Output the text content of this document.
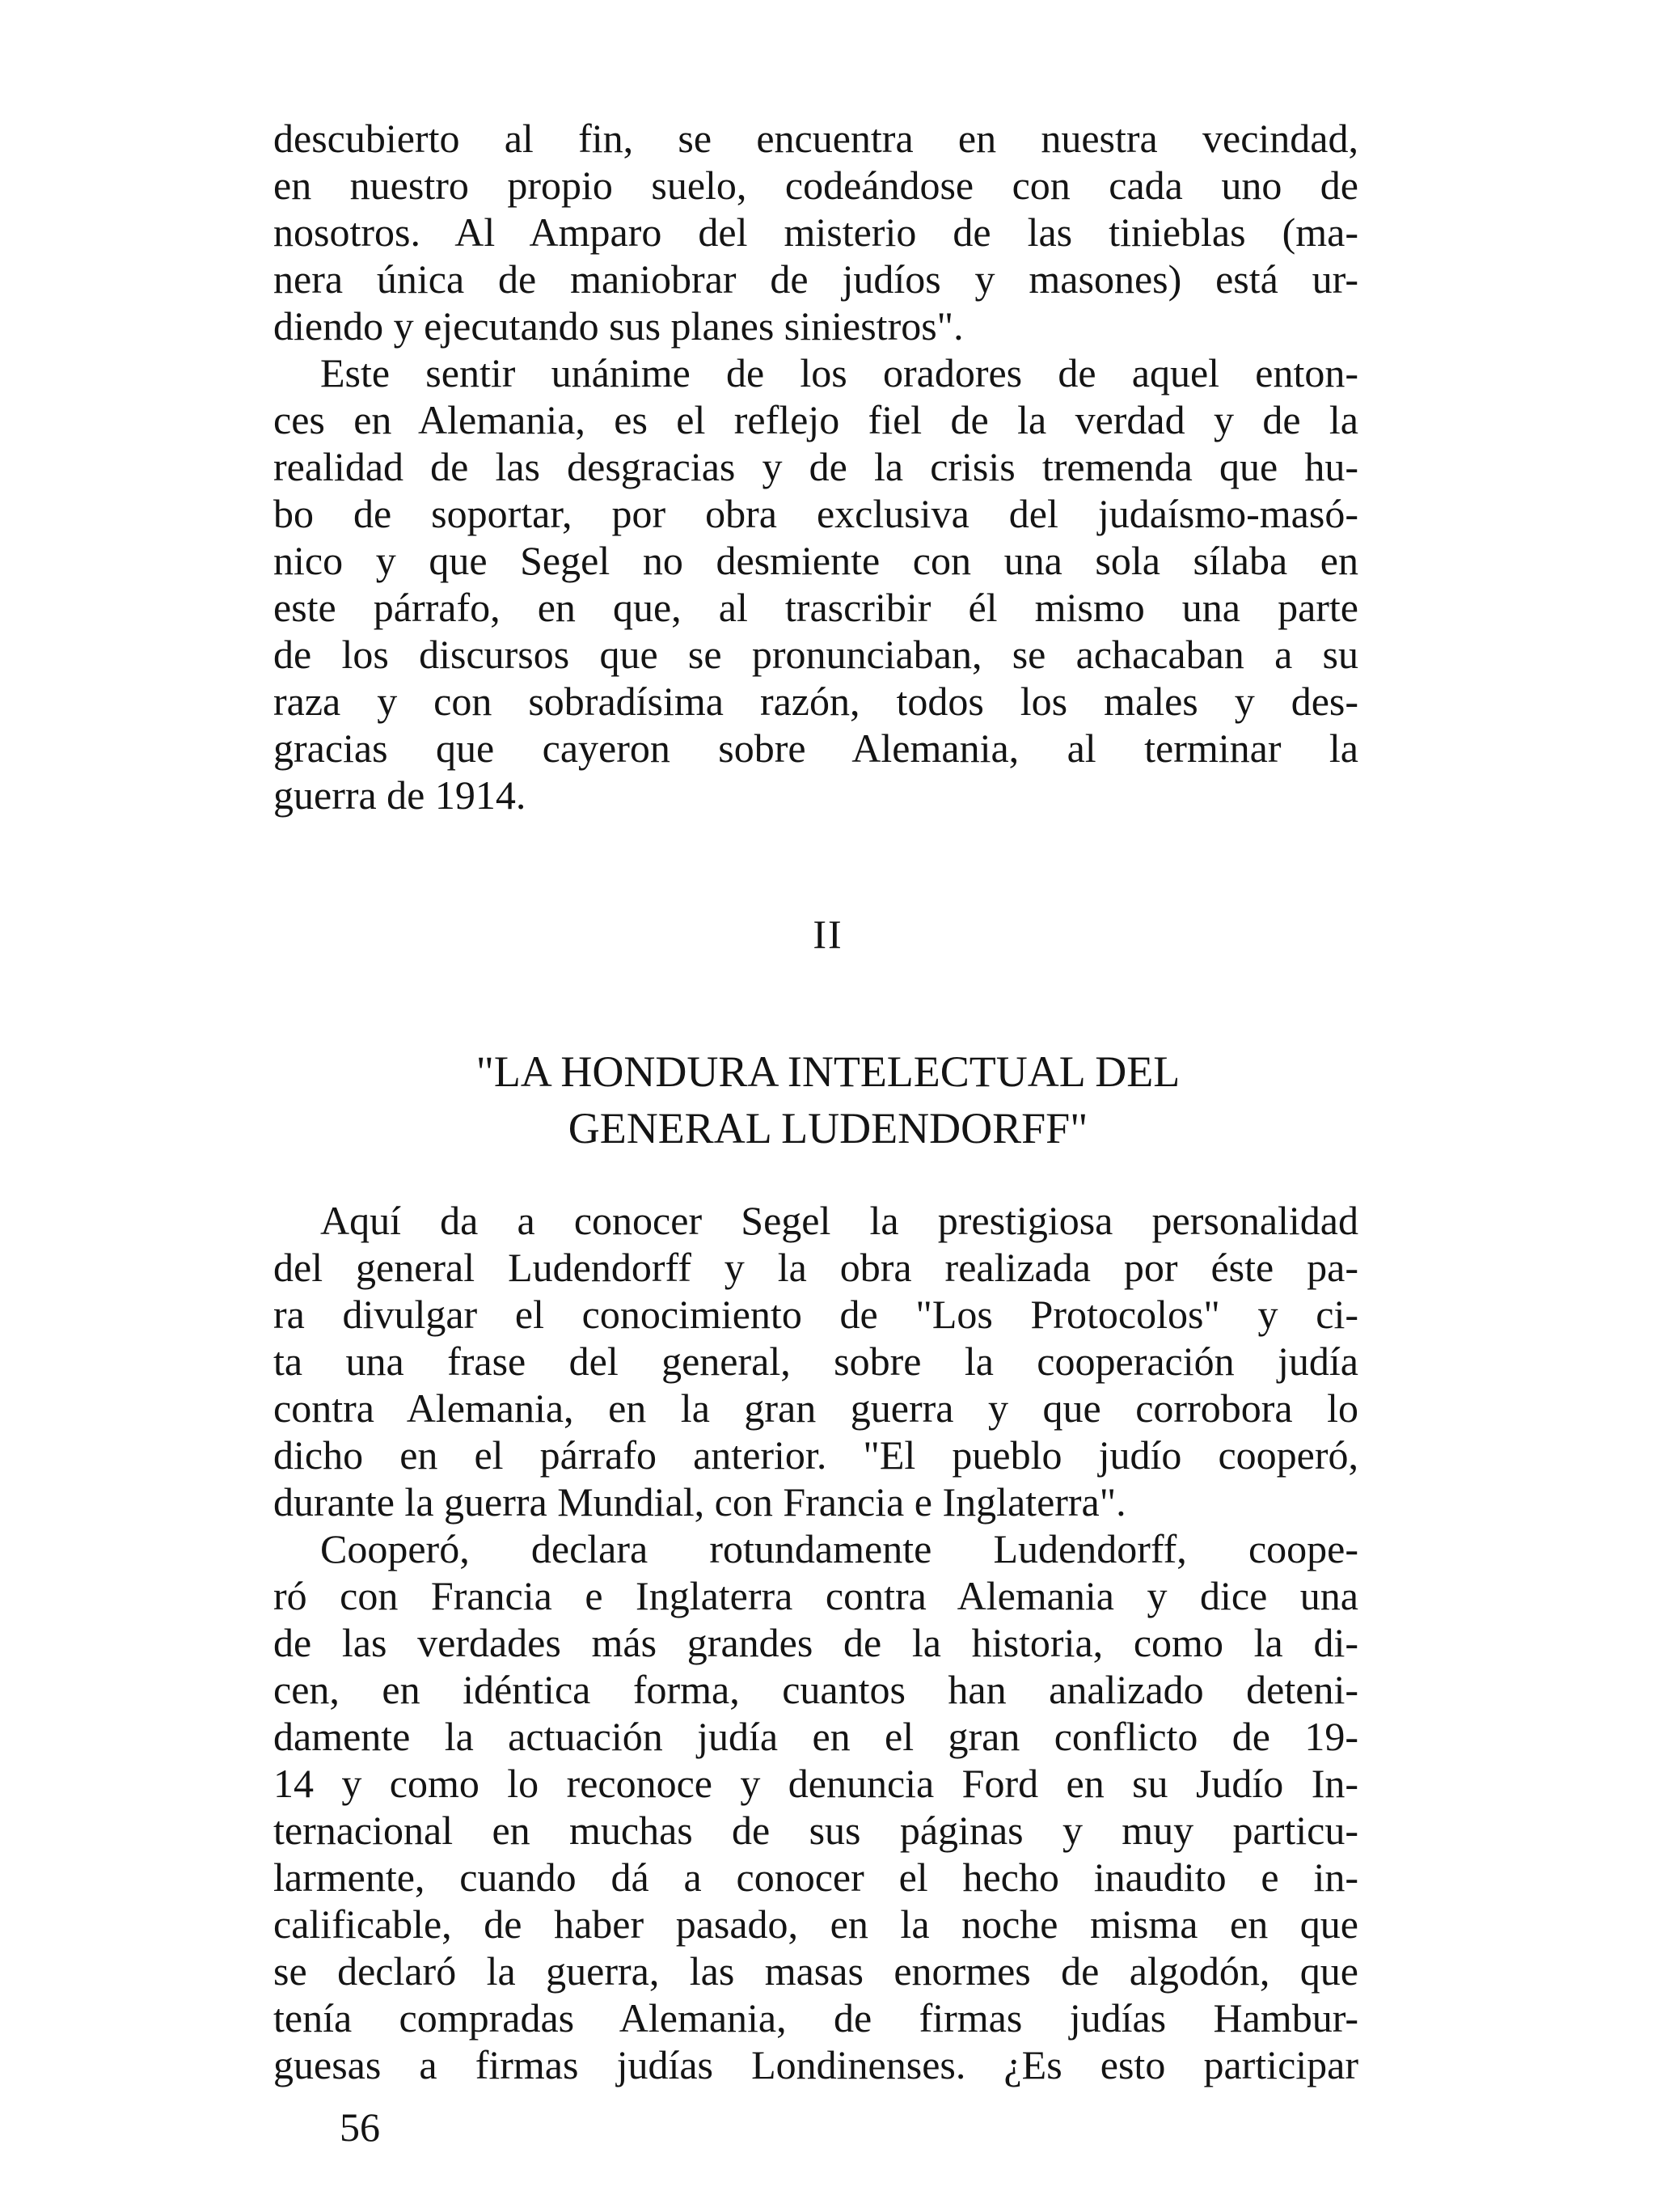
descubierto al fin, se encuentra en nuestra vecindad,
en nuestro propio suelo, codeándose con cada uno de
nosotros. Al Amparo del misterio de las tinieblas (ma-
nera única de maniobrar de judíos y masones) está ur-
diendo y ejecutando sus planes siniestros".
Este sentir unánime de los oradores de aquel enton-
ces en Alemania, es el reflejo fiel de la verdad y de la
realidad de las desgracias y de la crisis tremenda que hu-
bo de soportar, por obra exclusiva del judaísmo-masó-
nico y que Segel no desmiente con una sola sílaba en
este párrafo, en que, al trascribir él mismo una parte
de los discursos que se pronunciaban, se achacaban a su
raza y con sobradísima razón, todos los males y des-
gracias que cayeron sobre Alemania, al terminar la
guerra de 1914.
II
"LA HONDURA INTELECTUAL DEL
GENERAL LUDENDORFF"
Aquí da a conocer Segel la prestigiosa personalidad
del general Ludendorff y la obra realizada por éste pa-
ra divulgar el conocimiento de "Los Protocolos" y ci-
ta una frase del general, sobre la cooperación judía
contra Alemania, en la gran guerra y que corrobora lo
dicho en el párrafo anterior. "El pueblo judío cooperó,
durante la guerra Mundial, con Francia e Inglaterra".
Cooperó, declara rotundamente Ludendorff, coope-
ró con Francia e Inglaterra contra Alemania y dice una
de las verdades más grandes de la historia, como la di-
cen, en idéntica forma, cuantos han analizado deteni-
damente la actuación judía en el gran conflicto de 19-
14 y como lo reconoce y denuncia Ford en su Judío In-
ternacional en muchas de sus páginas y muy particu-
larmente, cuando dá a conocer el hecho inaudito e in-
calificable, de haber pasado, en la noche misma en que
se declaró la guerra, las masas enormes de algodón, que
tenía compradas Alemania, de firmas judías Hambur-
guesas a firmas judías Londinenses. ¿Es esto participar
56
